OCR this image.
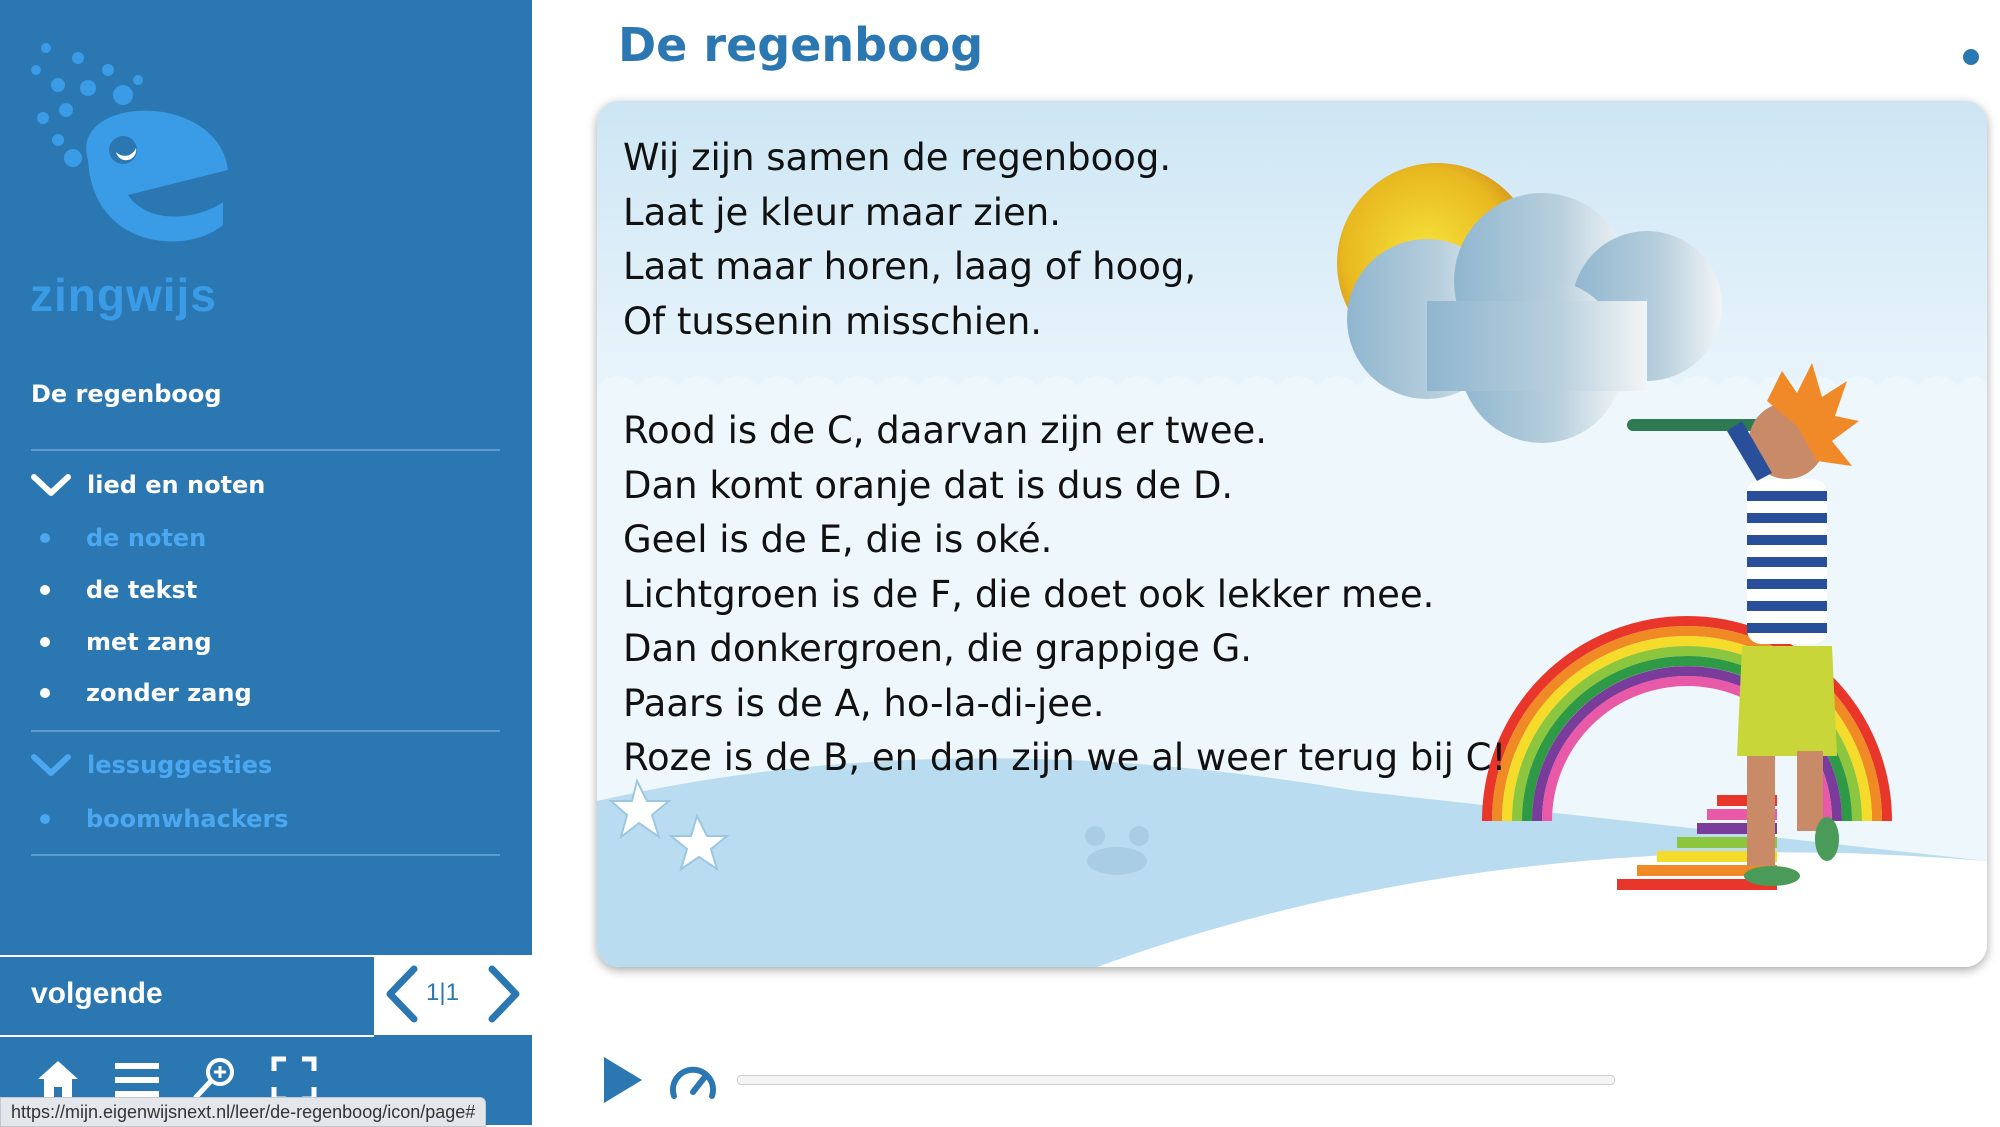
zingwijs
De regenboog
lied en noten
de noten
de tekst
met zang
zonder zang
lessuggesties
boomwhackers
volgende	1|1
https://mijn.eigenwijsnext.nl/leer/de-regenboog/icon/page#
De regenboog
Wij zijn samen de regenboog.
Laat je kleur maar zien.
Laat maar horen, laag of hoog,
Of tussenin misschien.
Rood is de C, daarvan zijn er twee.
Dan komt oranje dat is dus de D.
Geel is de E, die is oké.
Lichtgroen is de F, die doet ook lekker mee.
Dan donkergroen, die grappige G.
Paars is de A, ho-la-di-jee.
Roze is de B, en dan zijn we al weer terug bij C!
